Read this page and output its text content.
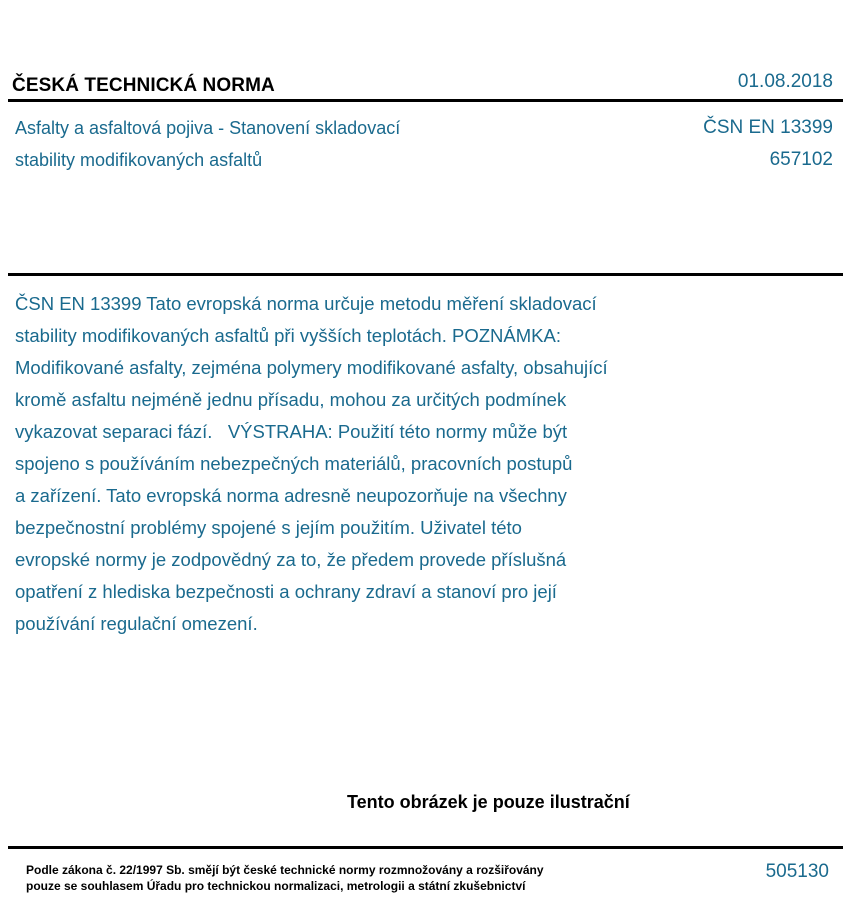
ČESKÁ TECHNICKÁ NORMA	01.08.2018
Asfalty a asfaltová pojiva - Stanovení skladovací
stability modifikovaných asfaltů
ČSN EN 13399
657102
ČSN EN 13399 Tato evropská norma určuje metodu měření skladovací
stability modifikovaných asfaltů při vyšších teplotách. POZNÁMKA:
Modifikované asfalty, zejména polymery modifikované asfalty, obsahující
kromě asfaltu nejméně jednu přísadu, mohou za určitých podmínek
vykazovat separaci fází.   VÝSTRAHA: Použití této normy může být
spojeno s používáním nebezpečných materiálů, pracovních postupů
a zařízení. Tato evropská norma adresně neupozorňuje na všechny
bezpečnostní problémy spojené s jejím použitím. Uživatel této
evropské normy je zodpovědný za to, že předem provede příslušná
opatření z hlediska bezpečnosti a ochrany zdraví a stanoví pro její
používání regulační omezení.
Tento obrázek je pouze ilustrační
Podle zákona č. 22/1997 Sb. smějí být české technické normy rozmnožovány a rozšiřovány
pouze se souhlasem Úřadu pro technickou normalizaci, metrologii a státní zkušebnictví
505130
